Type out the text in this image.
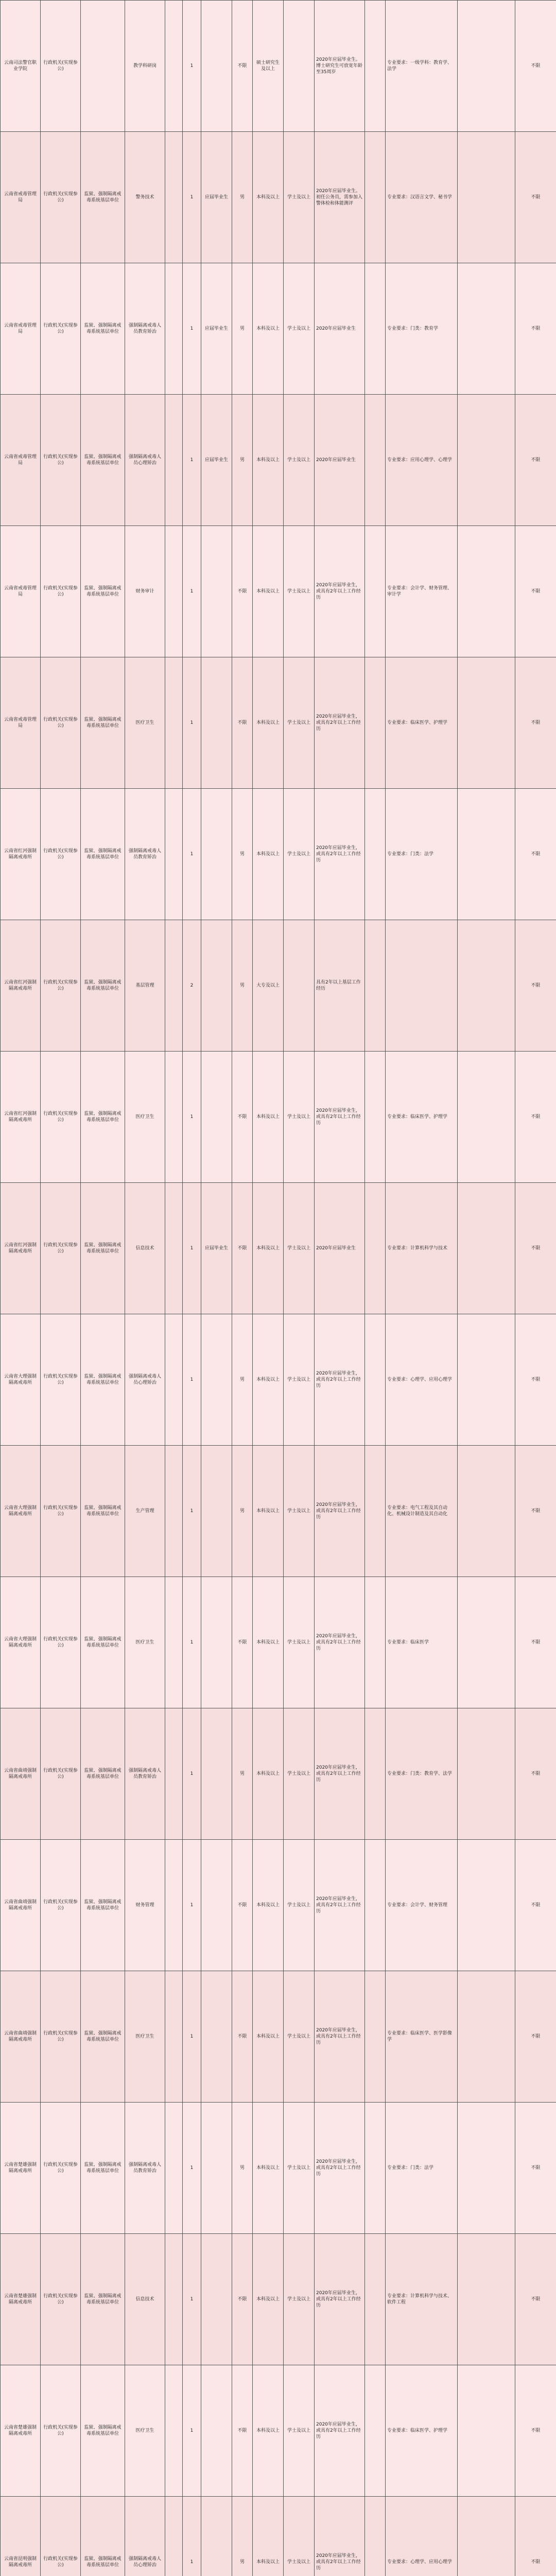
云南司法警官职业学院	行政机关(实现参公)		教学科研岗		1		不限	硕士研究生及以上		2020年应届毕业生。博士研究生可放宽年龄至35周岁		专业要求：一级学科：教育学、法学		不限
云南省戒毒管理局	行政机关(实现参公)	监狱、强制隔离戒毒系统基层单位	警务技术		1	应届毕业生	男	本科及以上	学士及以上	2020年应届毕业生。初任公务员，需参加入警体检和体能测评		专业要求：汉语言文学、秘书学		不限
云南省戒毒管理局	行政机关(实现参公)	监狱、强制隔离戒毒系统基层单位	强制隔离戒毒人员教育矫治		1	应届毕业生	男	本科及以上	学士及以上	2020年应届毕业生		专业要求：门类：教育学		不限
云南省戒毒管理局	行政机关(实现参公)	监狱、强制隔离戒毒系统基层单位	强制隔离戒毒人员心理矫治		1	应届毕业生	男	本科及以上	学士及以上	2020年应届毕业生		专业要求：应用心理学、心理学		不限
云南省戒毒管理局	行政机关(实现参公)	监狱、强制隔离戒毒系统基层单位	财务审计		1		不限	本科及以上	学士及以上	2020年应届毕业生，或具有2年以上工作经历		专业要求：会计学、财务管理、审计学		不限
云南省戒毒管理局	行政机关(实现参公)	监狱、强制隔离戒毒系统基层单位	医疗卫生		1		不限	本科及以上	学士及以上	2020年应届毕业生，或具有2年以上工作经历		专业要求：临床医学、护理学		不限
云南省红河强制隔离戒毒所	行政机关(实现参公)	监狱、强制隔离戒毒系统基层单位	强制隔离戒毒人员教育矫治		1		男	本科及以上	学士及以上	2020年应届毕业生，或具有2年以上工作经历		专业要求：门类：法学		不限
云南省红河强制隔离戒毒所	行政机关(实现参公)	监狱、强制隔离戒毒系统基层单位	基层管理		2		男	大专及以上		具有2年以上基层工作经历				不限
云南省红河强制隔离戒毒所	行政机关(实现参公)	监狱、强制隔离戒毒系统基层单位	医疗卫生		1		不限	本科及以上	学士及以上	2020年应届毕业生，或具有2年以上工作经历		专业要求：临床医学、护理学		不限
云南省红河强制隔离戒毒所	行政机关(实现参公)	监狱、强制隔离戒毒系统基层单位	信息技术		1	应届毕业生	不限	本科及以上	学士及以上	2020年应届毕业生		专业要求：计算机科学与技术		不限
云南省大理强制隔离戒毒所	行政机关(实现参公)	监狱、强制隔离戒毒系统基层单位	强制隔离戒毒人员心理矫治		1		男	本科及以上	学士及以上	2020年应届毕业生，或具有2年以上工作经历		专业要求：心理学、应用心理学		不限
云南省大理强制隔离戒毒所	行政机关(实现参公)	监狱、强制隔离戒毒系统基层单位	生产管理		1		男	本科及以上	学士及以上	2020年应届毕业生，或具有2年以上工作经历		专业要求：电气工程及其自动化、机械设计制造及其自动化		不限
云南省大理强制隔离戒毒所	行政机关(实现参公)	监狱、强制隔离戒毒系统基层单位	医疗卫生		1		不限	本科及以上	学士及以上	2020年应届毕业生，或具有2年以上工作经历		专业要求：临床医学		不限
云南省曲靖强制隔离戒毒所	行政机关(实现参公)	监狱、强制隔离戒毒系统基层单位	强制隔离戒毒人员教育矫治		1		男	本科及以上	学士及以上	2020年应届毕业生，或具有2年以上工作经历		专业要求：门类：教育学、法学		不限
云南省曲靖强制隔离戒毒所	行政机关(实现参公)	监狱、强制隔离戒毒系统基层单位	财务管理		1		不限	本科及以上	学士及以上	2020年应届毕业生，或具有2年以上工作经历		专业要求：会计学、财务管理		不限
云南省曲靖强制隔离戒毒所	行政机关(实现参公)	监狱、强制隔离戒毒系统基层单位	医疗卫生		1		不限	本科及以上	学士及以上	2020年应届毕业生，或具有2年以上工作经历		专业要求：临床医学、医学影像学		不限
云南省楚雄强制隔离戒毒所	行政机关(实现参公)	监狱、强制隔离戒毒系统基层单位	强制隔离戒毒人员教育矫治		1		男	本科及以上	学士及以上	2020年应届毕业生，或具有2年以上工作经历		专业要求：门类：法学		不限
云南省楚雄强制隔离戒毒所	行政机关(实现参公)	监狱、强制隔离戒毒系统基层单位	信息技术		1		不限	本科及以上	学士及以上	2020年应届毕业生，或具有2年以上工作经历		专业要求：计算机科学与技术、软件工程		不限
云南省楚雄强制隔离戒毒所	行政机关(实现参公)	监狱、强制隔离戒毒系统基层单位	医疗卫生		1		不限	本科及以上	学士及以上	2020年应届毕业生，或具有2年以上工作经历		专业要求：临床医学、护理学		不限
云南省昆明强制隔离戒毒所	行政机关(实现参公)	监狱、强制隔离戒毒系统基层单位	强制隔离戒毒人员心理矫治		1		男	本科及以上	学士及以上	2020年应届毕业生，或具有2年以上工作经历		专业要求：心理学、应用心理学		不限
